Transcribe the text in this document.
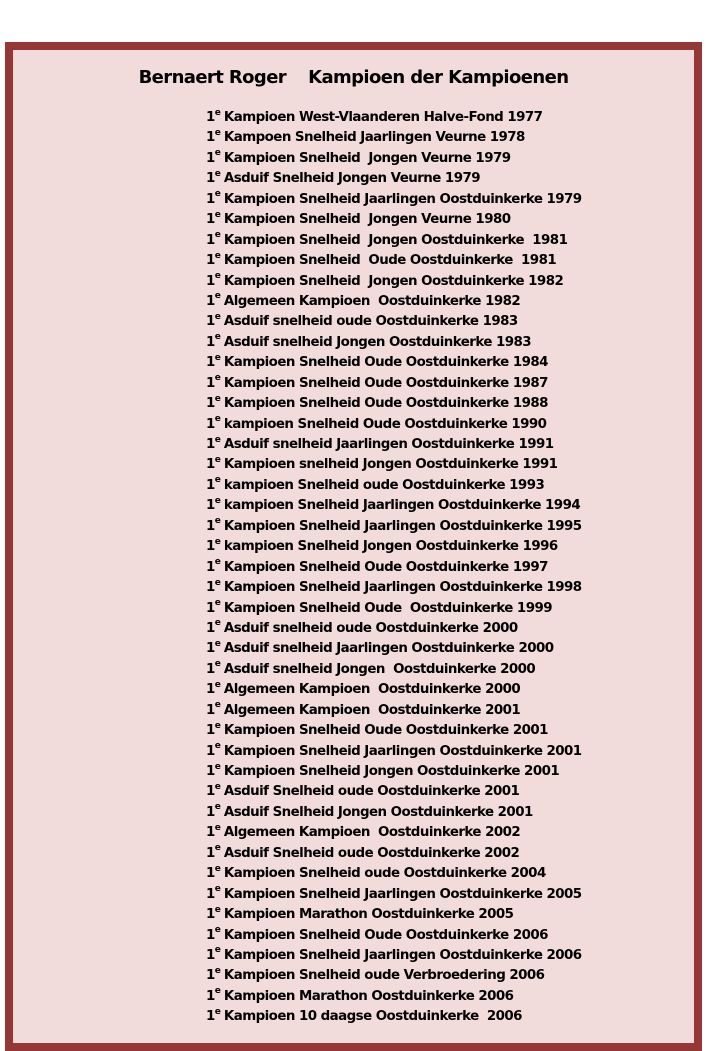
Bernaert Roger Kampioen der Kampioenen
1e Kampioen West-Vlaanderen Halve-Fond 1977
1e Kampoen Snelheid Jaarlingen Veurne 1978
1e Kampioen Snelheid  Jongen Veurne 1979
1e Asduif Snelheid Jongen Veurne 1979
1e Kampioen Snelheid Jaarlingen Oostduinkerke 1979
1e Kampioen Snelheid  Jongen Veurne 1980
1e Kampioen Snelheid  Jongen Oostduinkerke  1981
1e Kampioen Snelheid  Oude Oostduinkerke  1981
1e Kampioen Snelheid  Jongen Oostduinkerke 1982
1e Algemeen Kampioen  Oostduinkerke 1982
1e Asduif snelheid oude Oostduinkerke 1983
1e Asduif snelheid Jongen Oostduinkerke 1983
1e Kampioen Snelheid Oude Oostduinkerke 1984
1e Kampioen Snelheid Oude Oostduinkerke 1987
1e Kampioen Snelheid Oude Oostduinkerke 1988
1e kampioen Snelheid Oude Oostduinkerke 1990
1e Asduif snelheid Jaarlingen Oostduinkerke 1991
1e Kampioen snelheid Jongen Oostduinkerke 1991
1e kampioen Snelheid oude Oostduinkerke 1993
1e kampioen Snelheid Jaarlingen Oostduinkerke 1994
1e Kampioen Snelheid Jaarlingen Oostduinkerke 1995
1e kampioen Snelheid Jongen Oostduinkerke 1996
1e Kampioen Snelheid Oude Oostduinkerke 1997
1e Kampioen Snelheid Jaarlingen Oostduinkerke 1998
1e Kampioen Snelheid Oude  Oostduinkerke 1999
1e Asduif snelheid oude Oostduinkerke 2000
1e Asduif snelheid Jaarlingen Oostduinkerke 2000
1e Asduif snelheid Jongen  Oostduinkerke 2000
1e Algemeen Kampioen  Oostduinkerke 2000
1e Algemeen Kampioen  Oostduinkerke 2001
1e Kampioen Snelheid Oude Oostduinkerke 2001
1e Kampioen Snelheid Jaarlingen Oostduinkerke 2001
1e Kampioen Snelheid Jongen Oostduinkerke 2001
1e Asduif Snelheid oude Oostduinkerke 2001
1e Asduif Snelheid Jongen Oostduinkerke 2001
1e Algemeen Kampioen  Oostduinkerke 2002
1e Asduif Snelheid oude Oostduinkerke 2002
1e Kampioen Snelheid oude Oostduinkerke 2004
1e Kampioen Snelheid Jaarlingen Oostduinkerke 2005
1e Kampioen Marathon Oostduinkerke 2005
1e Kampioen Snelheid Oude Oostduinkerke 2006
1e Kampioen Snelheid Jaarlingen Oostduinkerke 2006
1e Kampioen Snelheid oude Verbroedering 2006
1e Kampioen Marathon Oostduinkerke 2006
1e Kampioen 10 daagse Oostduinkerke  2006
